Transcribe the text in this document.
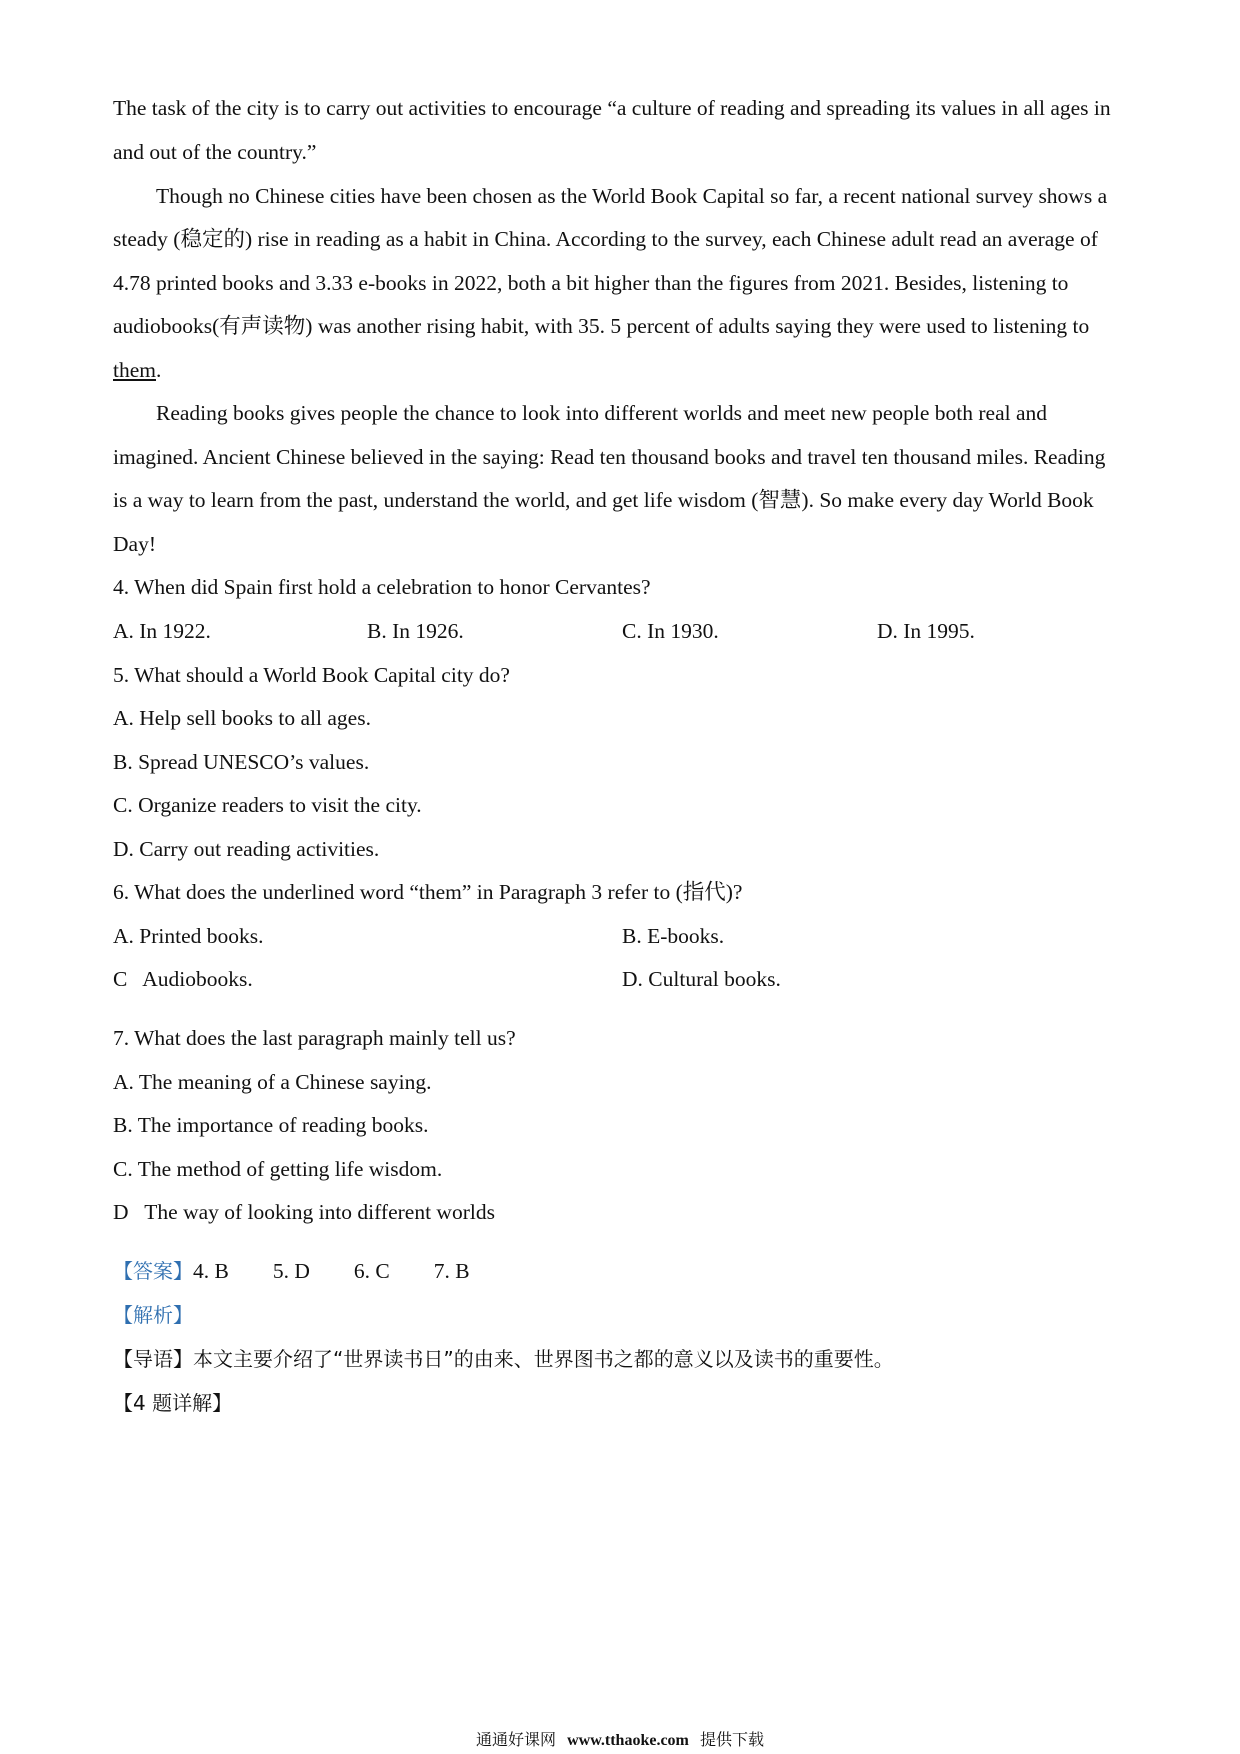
The task of the city is to carry out activities to encourage “a culture of reading and spreading its values in all ages in
and out of the country.”
Though no Chinese cities have been chosen as the World Book Capital so far, a recent national survey shows a
steady (稳定的) rise in reading as a habit in China. According to the survey, each Chinese adult read an average of
4.78 printed books and 3.33 e-books in 2022, both a bit higher than the figures from 2021. Besides, listening to
audiobooks(有声读物) was another rising habit, with 35. 5 percent of adults saying they were used to listening to
them.
Reading books gives people the chance to look into different worlds and meet new people both real and
imagined. Ancient Chinese believed in the saying: Read ten thousand books and travel ten thousand miles. Reading
is a way to learn from the past, understand the world, and get life wisdom (智慧). So make every day World Book
Day!
4. When did Spain first hold a celebration to honor Cervantes?
A. In 1922.	B. In 1926.	C. In 1930.	D. In 1995.
5. What should a World Book Capital city do?
A. Help sell books to all ages.
B. Spread UNESCO’s values.
C. Organize readers to visit the city.
D. Carry out reading activities.
6. What does the underlined word “them” in Paragraph 3 refer to (指代)?
A. Printed books.	B. E-books.
C   Audiobooks.	D. Cultural books.
7. What does the last paragraph mainly tell us?
A. The meaning of a Chinese saying.
B. The importance of reading books.
C. The method of getting life wisdom.
D   The way of looking into different worlds
【答案】4. B 5. D 6. C 7. B
【解析】
【导语】本文主要介绍了“世界读书日”的由来、世界图书之都的意义以及读书的重要性。
【4 题详解】
通通好课网 www.tthaoke.com 提供下载
